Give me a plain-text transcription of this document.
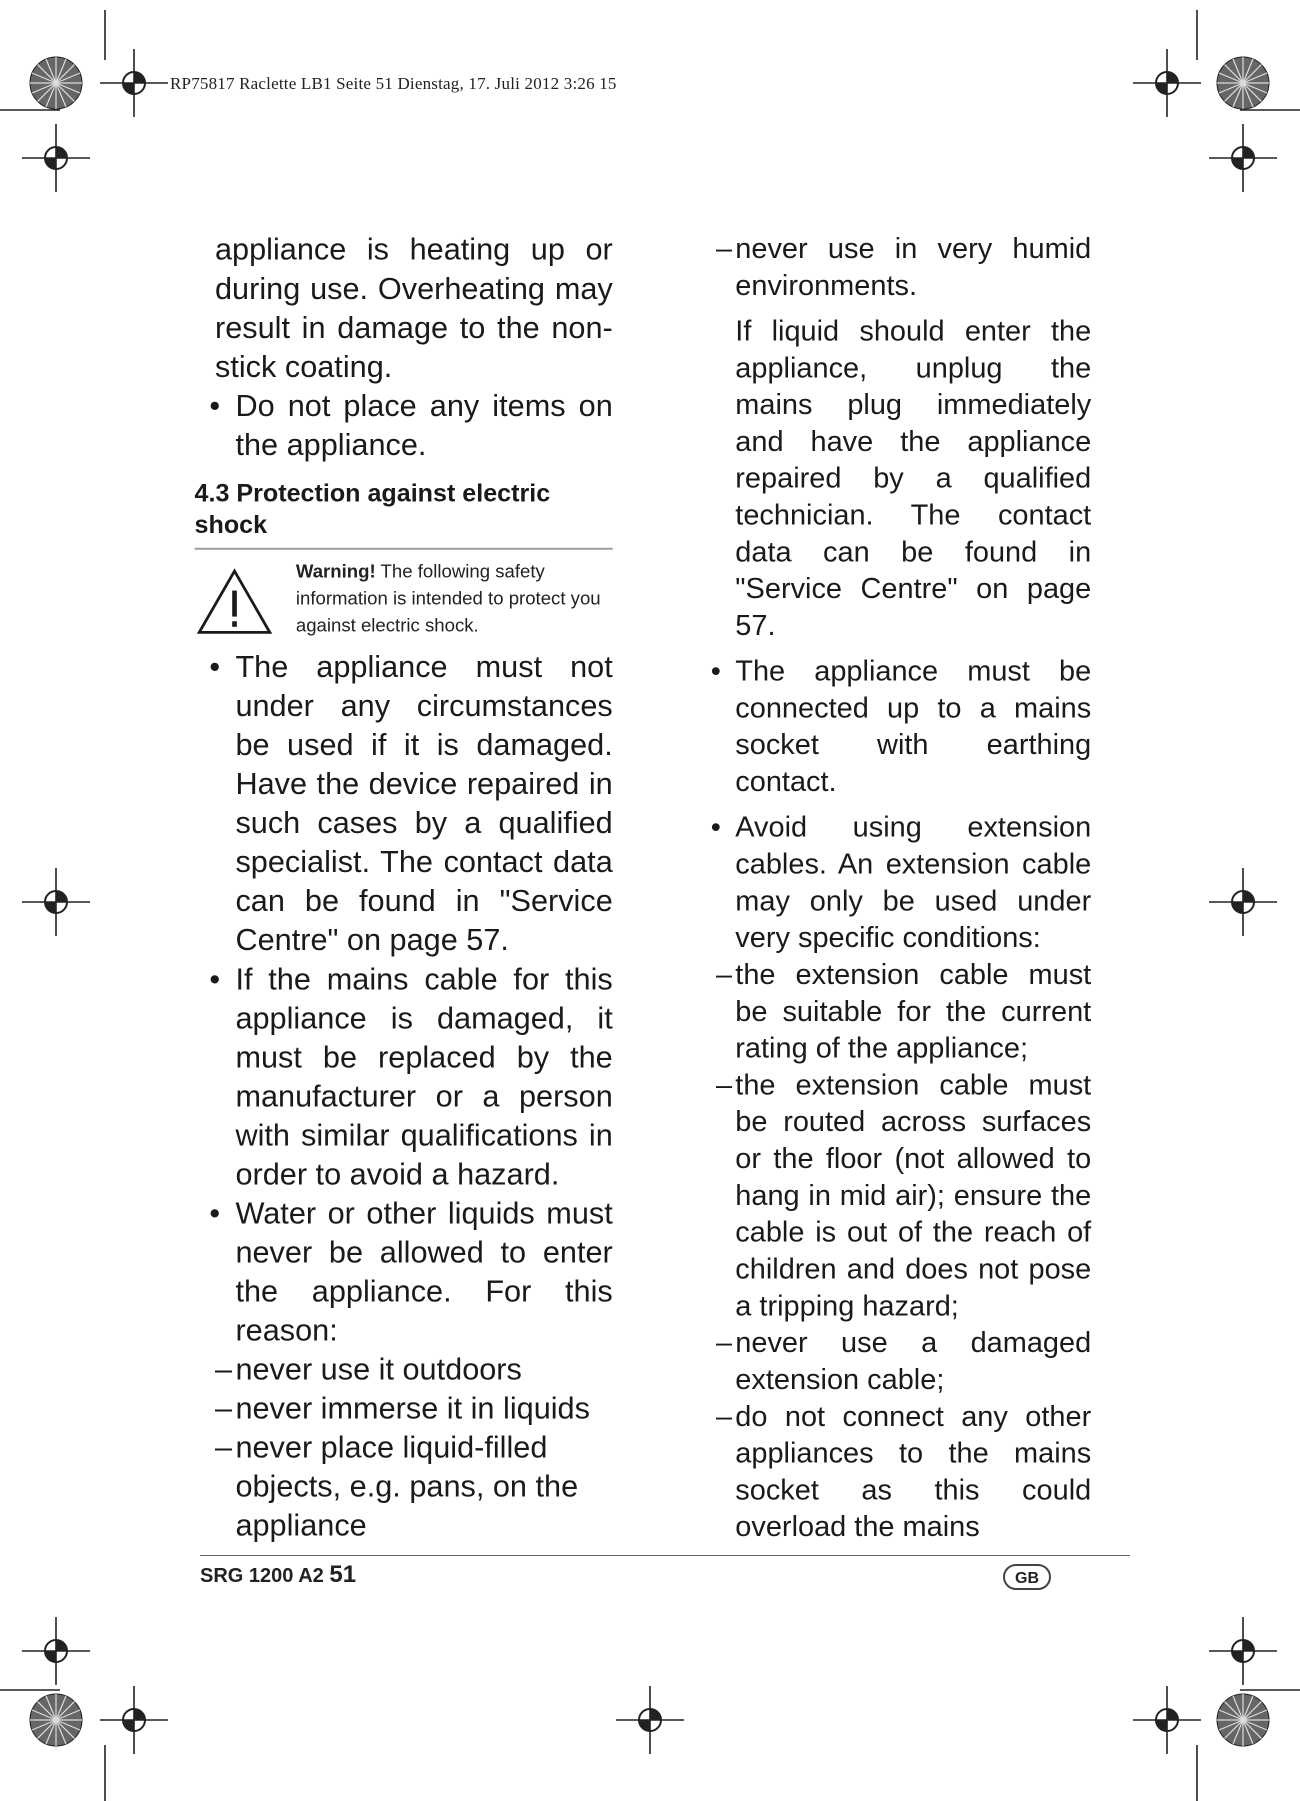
RP75817 Raclette LB1 Seite 51 Dienstag, 17. Juli 2012 3:26 15

appliance is heating up or during use. Overheating may result in damage to the non-stick coating.

• Do not place any items on the appliance.

4.3 Protection against electric shock

Warning! The following safety information is intended to protect you against electric shock.

• The appliance must not under any circumstances be used if it is damaged. Have the device repaired in such cases by a qualified specialist. The contact data can be found in "Service Centre" on page 57.

• If the mains cable for this appliance is damaged, it must be replaced by the manufacturer or a person with similar qualifications in order to avoid a hazard.

• Water or other liquids must never be allowed to enter the appliance. For this reason:

– never use it outdoors

– never immerse it in liquids

– never place liquid-filled objects, e.g. pans, on the appliance

– never use in very humid environments.

If liquid should enter the appliance, unplug the mains plug immediately and have the appliance repaired by a qualified technician. The contact data can be found in "Service Centre" on page 57.

• The appliance must be connected up to a mains socket with earthing contact.

• Avoid using extension cables. An extension cable may only be used under very specific conditions:

– the extension cable must be suitable for the current rating of the appliance;

– the extension cable must be routed across surfaces or the floor (not allowed to hang in mid air); ensure the cable is out of the reach of children and does not pose a tripping hazard;

– never use a damaged extension cable;

– do not connect any other appliances to the mains socket as this could overload the mains

SRG 1200 A2 51	GB
